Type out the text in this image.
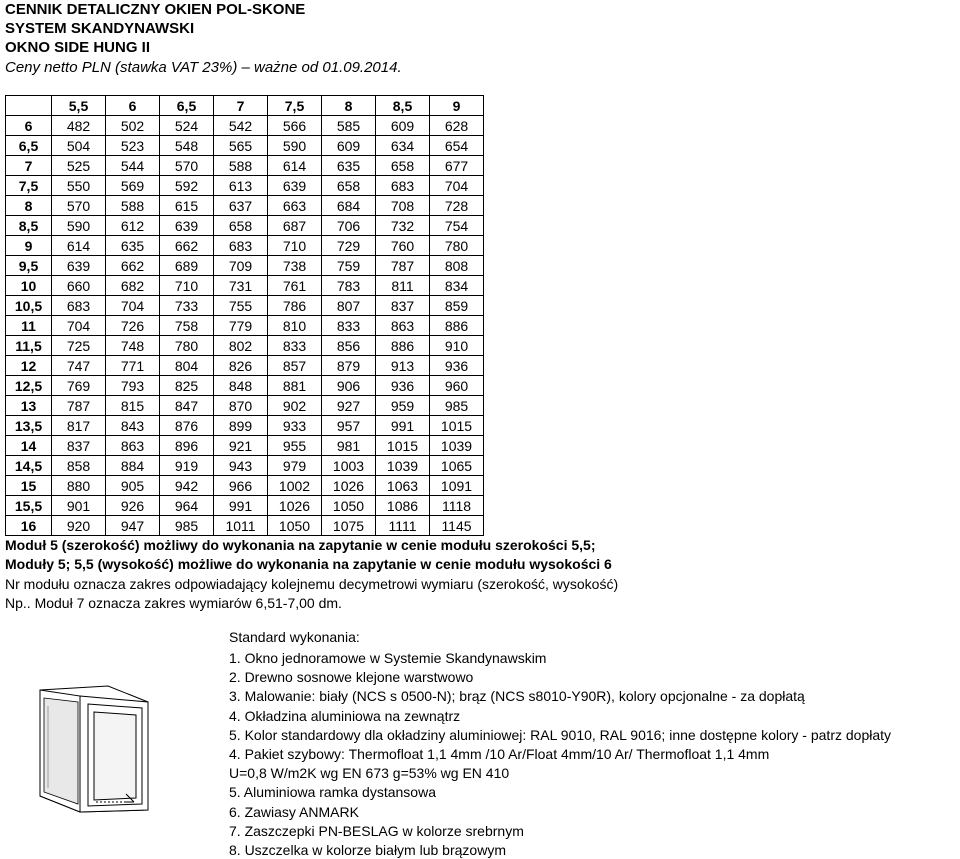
CENNIK DETALICZNY OKIEN POL-SKONE
SYSTEM SKANDYNAWSKI
OKNO SIDE HUNG II
Ceny netto PLN (stawka VAT 23%) – ważne od 01.09.2014.
	5,5	6	6,5	7	7,5	8	8,5	9
6	482	502	524	542	566	585	609	628
6,5	504	523	548	565	590	609	634	654
7	525	544	570	588	614	635	658	677
7,5	550	569	592	613	639	658	683	704
8	570	588	615	637	663	684	708	728
8,5	590	612	639	658	687	706	732	754
9	614	635	662	683	710	729	760	780
9,5	639	662	689	709	738	759	787	808
10	660	682	710	731	761	783	811	834
10,5	683	704	733	755	786	807	837	859
11	704	726	758	779	810	833	863	886
11,5	725	748	780	802	833	856	886	910
12	747	771	804	826	857	879	913	936
12,5	769	793	825	848	881	906	936	960
13	787	815	847	870	902	927	959	985
13,5	817	843	876	899	933	957	991	1015
14	837	863	896	921	955	981	1015	1039
14,5	858	884	919	943	979	1003	1039	1065
15	880	905	942	966	1002	1026	1063	1091
15,5	901	926	964	991	1026	1050	1086	1118
16	920	947	985	1011	1050	1075	1111	1145
Moduł 5 (szerokość) możliwy do wykonania na zapytanie w cenie modułu szerokości 5,5;
Moduły 5; 5,5 (wysokość) możliwe do wykonania na zapytanie w cenie modułu wysokości 6
Nr modułu oznacza zakres odpowiadający kolejnemu decymetrowi wymiaru (szerokość, wysokość)
Np.. Moduł 7 oznacza zakres wymiarów 6,51-7,00 dm.
Standard wykonania:
1. Okno jednoramowe w Systemie Skandynawskim
2. Drewno sosnowe klejone warstwowo
3. Malowanie: biały (NCS s 0500-N); brąz (NCS s8010-Y90R), kolory opcjonalne - za dopłatą
4. Okładzina aluminiowa na zewnątrz
5. Kolor standardowy dla okładziny aluminiowej: RAL 9010, RAL 9016; inne dostępne kolory - patrz dopłaty
4. Pakiet szybowy: Thermofloat 1,1 4mm /10 Ar/Float 4mm/10 Ar/ Thermofloat 1,1 4mm
U=0,8 W/m2K wg EN 673 g=53% wg EN 410
5. Aluminiowa ramka dystansowa
6. Zawiasy ANMARK
7. Zaszczepki PN-BESLAG w kolorze srebrnym
8. Uszczelka w kolorze białym lub brązowym
